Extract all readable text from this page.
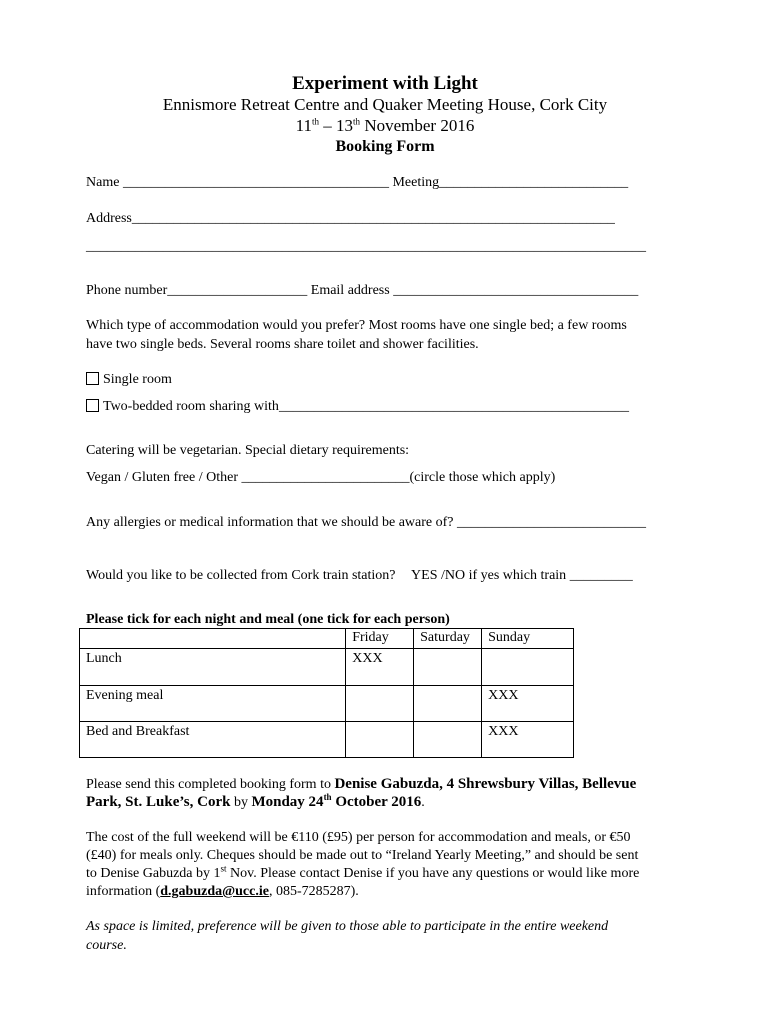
Experiment with Light
Ennismore Retreat Centre and Quaker Meeting House, Cork City
11th – 13th November 2016
Booking Form
Name ______________________________________ Meeting___________________________
Address_____________________________________________________________________
________________________________________________________________________________
Phone number____________________ Email address ___________________________________
Which type of accommodation would you prefer? Most rooms have one single bed; a few rooms
have two single beds. Several rooms share toilet and shower facilities.
Single room
Two-bedded room sharing with__________________________________________________
Catering will be vegetarian. Special dietary requirements:
Vegan / Gluten free / Other ________________________(circle those which apply)
Any allergies or medical information that we should be aware of? ___________________________
Would you like to be collected from Cork train station? YES /NO if yes which train _________
Please tick for each night and meal (one tick for each person)
	Friday	Saturday	Sunday
Lunch	XXX		
Evening meal			XXX
Bed and Breakfast			XXX
Please send this completed booking form to Denise Gabuzda, 4 Shrewsbury Villas, Bellevue
Park, St. Luke’s, Cork by Monday 24th October 2016.
The cost of the full weekend will be €110 (£95) per person for accommodation and meals, or €50
(£40) for meals only. Cheques should be made out to “Ireland Yearly Meeting,” and should be sent
to Denise Gabuzda by 1st Nov. Please contact Denise if you have any questions or would like more
information (d.gabuzda@ucc.ie, 085-7285287).
As space is limited, preference will be given to those able to participate in the entire weekend
course.
